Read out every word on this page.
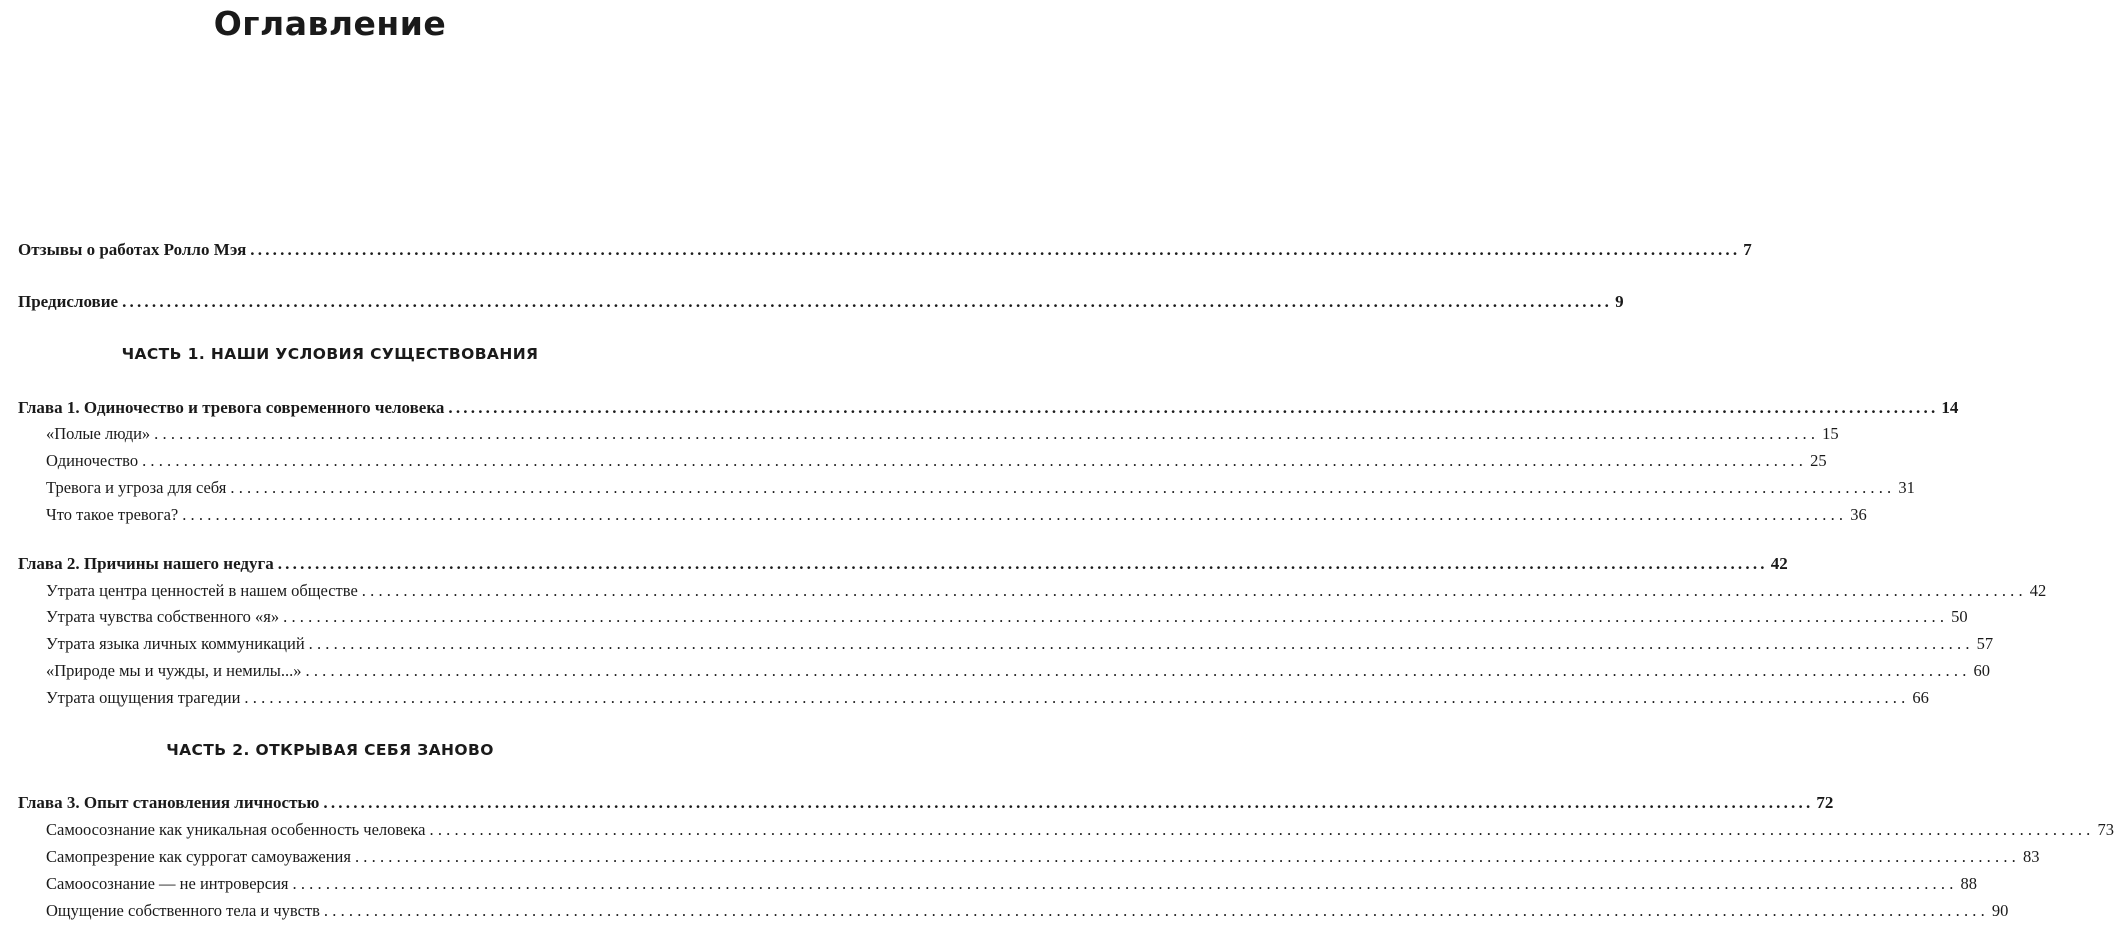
Оглавление
Отзывы о работах Ролло Мэя ........................................................................................................................................................................................................ 7
Предисловие ........................................................................................................................................................................................................ 9
ЧАСТЬ 1. НАШИ УСЛОВИЯ СУЩЕСТВОВАНИЯ
Глава 1. Одиночество и тревога современного человека ........................................................................................................................................................................................................ 14
«Полые люди» ........................................................................................................................................................................................................ 15
Одиночество ........................................................................................................................................................................................................ 25
Тревога и угроза для себя ........................................................................................................................................................................................................ 31
Что такое тревога? ........................................................................................................................................................................................................ 36
Глава 2. Причины нашего недуга ........................................................................................................................................................................................................ 42
Утрата центра ценностей в нашем обществе ........................................................................................................................................................................................................ 42
Утрата чувства собственного «я» ........................................................................................................................................................................................................ 50
Утрата языка личных коммуникаций ........................................................................................................................................................................................................ 57
«Природе мы и чужды, и немилы...» ........................................................................................................................................................................................................ 60
Утрата ощущения трагедии ........................................................................................................................................................................................................ 66
ЧАСТЬ 2. ОТКРЫВАЯ СЕБЯ ЗАНОВО
Глава 3. Опыт становления личностью ........................................................................................................................................................................................................ 72
Самоосознание как уникальная особенность человека ........................................................................................................................................................................................................ 73
Самопрезрение как суррогат самоуважения ........................................................................................................................................................................................................ 83
Самоосознание — не интроверсия ........................................................................................................................................................................................................ 88
Ощущение собственного тела и чувств ........................................................................................................................................................................................................ 90
